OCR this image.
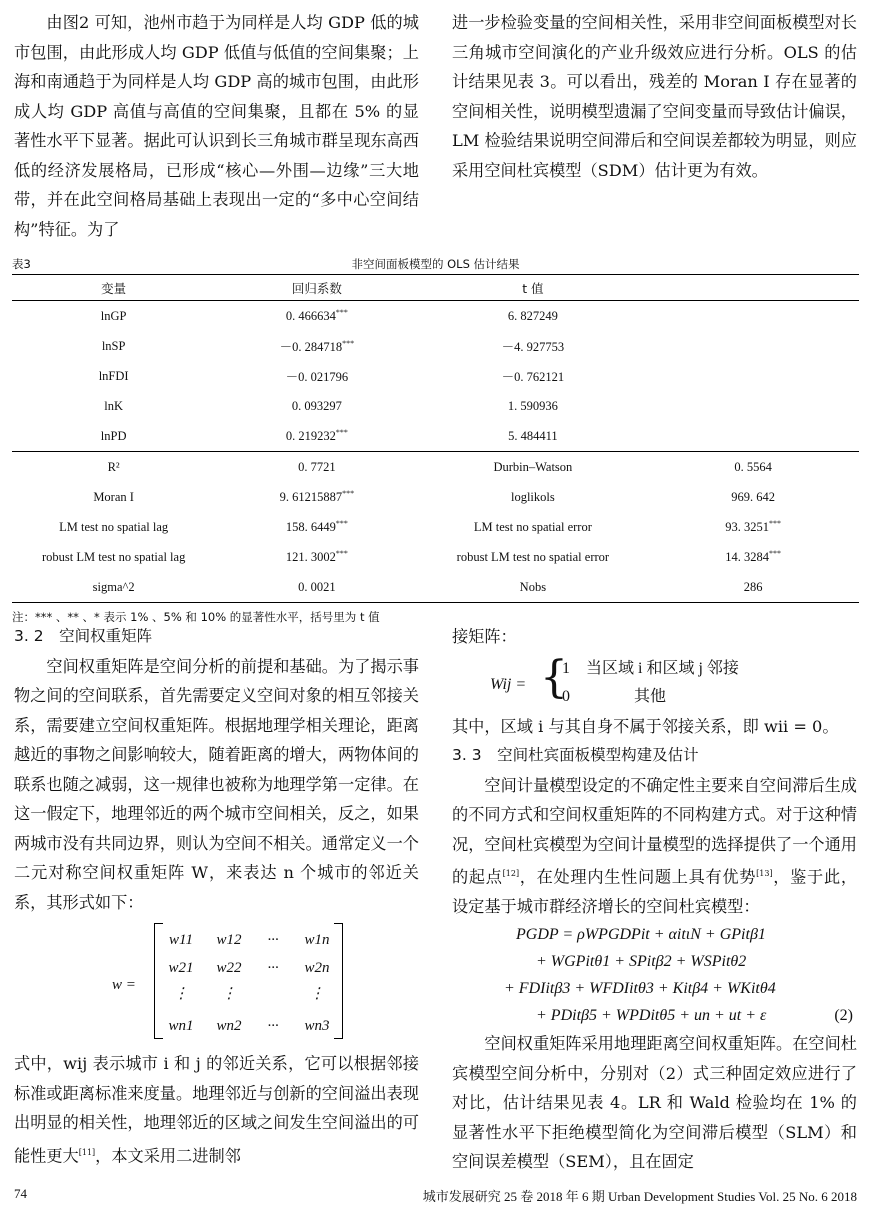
由图2 可知，池州市趋于为同样是人均 GDP 低的城市包围，由此形成人均 GDP 低值与低值的空间集聚；上海和南通趋于为同样是人均 GDP 高的城市包围，由此形成人均 GDP 高值与高值的空间集聚，且都在 5% 的显著性水平下显著。据此可认识到长三角城市群呈现东高西低的经济发展格局，已形成“核心—外围—边缘”三大地带，并在此空间格局基础上表现出一定的“多中心空间结构”特征。为了

进一步检验变量的空间相关性，采用非空间面板模型对长三角城市空间演化的产业升级效应进行分析。OLS 的估计结果见表 3。可以看出，残差的 Moran I 存在显著的空间相关性，说明模型遗漏了空间变量而导致估计偏误，LM 检验结果说明空间滞后和空间误差都较为明显，则应采用空间杜宾模型（SDM）估计更为有效。

表3	非空间面板模型的 OLS 估计结果
变量	回归系数	t 值	
lnGP	0. 466634***	6. 827249	
lnSP	－0. 284718***	－4. 927753	
lnFDI	－0. 021796	－0. 762121	
lnK	0. 093297	1. 590936	
lnPD	0. 219232***	5. 484411	
R²	0. 7721	Durbin–Watson	0. 5564
Moran I	9. 61215887***	loglikols	969. 642
LM test no spatial lag	158. 6449***	LM test no spatial error	93. 3251***
robust LM test no spatial lag	121. 3002***	robust LM test no spatial error	14. 3284***
sigma^2	0. 0021	Nobs	286
注：*** 、** 、* 表示 1% 、5% 和 10% 的显著性水平，括号里为 t 值

3. 2　空间权重矩阵

空间权重矩阵是空间分析的前提和基础。为了揭示事物之间的空间联系，首先需要定义空间对象的相互邻接关系，需要建立空间权重矩阵。根据地理学相关理论，距离越近的事物之间影响较大，随着距离的增大，两物体间的联系也随之减弱，这一规律也被称为地理学第一定律。在这一假定下，地理邻近的两个城市空间相关，反之，如果两城市没有共同边界，则认为空间不相关。通常定义一个二元对称空间权重矩阵 W，来表达 n 个城市的邻近关系，其形式如下：

w =
w11	w12	···	w1n
w21	w22	···	w2n
⋮	⋮	⋮
wn1	wn2	···	wn3

式中，wij 表示城市 i 和 j 的邻近关系，它可以根据邻接标准或距离标准来度量。地理邻近与创新的空间溢出表现出明显的相关性，地理邻近的区域之间发生空间溢出的可能性更大[11]，本文采用二进制邻

接矩阵：

Wij = {
1　当区域 i 和区域 j 邻接
0　　　　其他

其中，区域 i 与其自身不属于邻接关系，即 wii = 0。

3. 3　空间杜宾面板模型构建及估计

空间计量模型设定的不确定性主要来自空间滞后生成的不同方式和空间权重矩阵的不同构建方式。对于这种情况，空间杜宾模型为空间计量模型的选择提供了一个通用的起点[12]，在处理内生性问题上具有优势[13]，鉴于此，设定基于城市群经济增长的空间杜宾模型：

PGDP = ρWPGDPit + αitιN + GPitβ1
+ WGPitθ1 + SPitβ2 + WSPitθ2
+ FDIitβ3 + WFDIitθ3 + Kitβ4 + WKitθ4
+ PDitβ5 + WPDitθ5 + un + ut + ε	(2)

空间权重矩阵采用地理距离空间权重矩阵。在空间杜宾模型空间分析中，分别对（2）式三种固定效应进行了对比，估计结果见表 4。LR 和 Wald 检验均在 1% 的显著性水平下拒绝模型简化为空间滞后模型（SLM）和空间误差模型（SEM），且在固定

74	城市发展研究 25 卷 2018 年 6 期 Urban Development Studies Vol. 25 No. 6 2018
